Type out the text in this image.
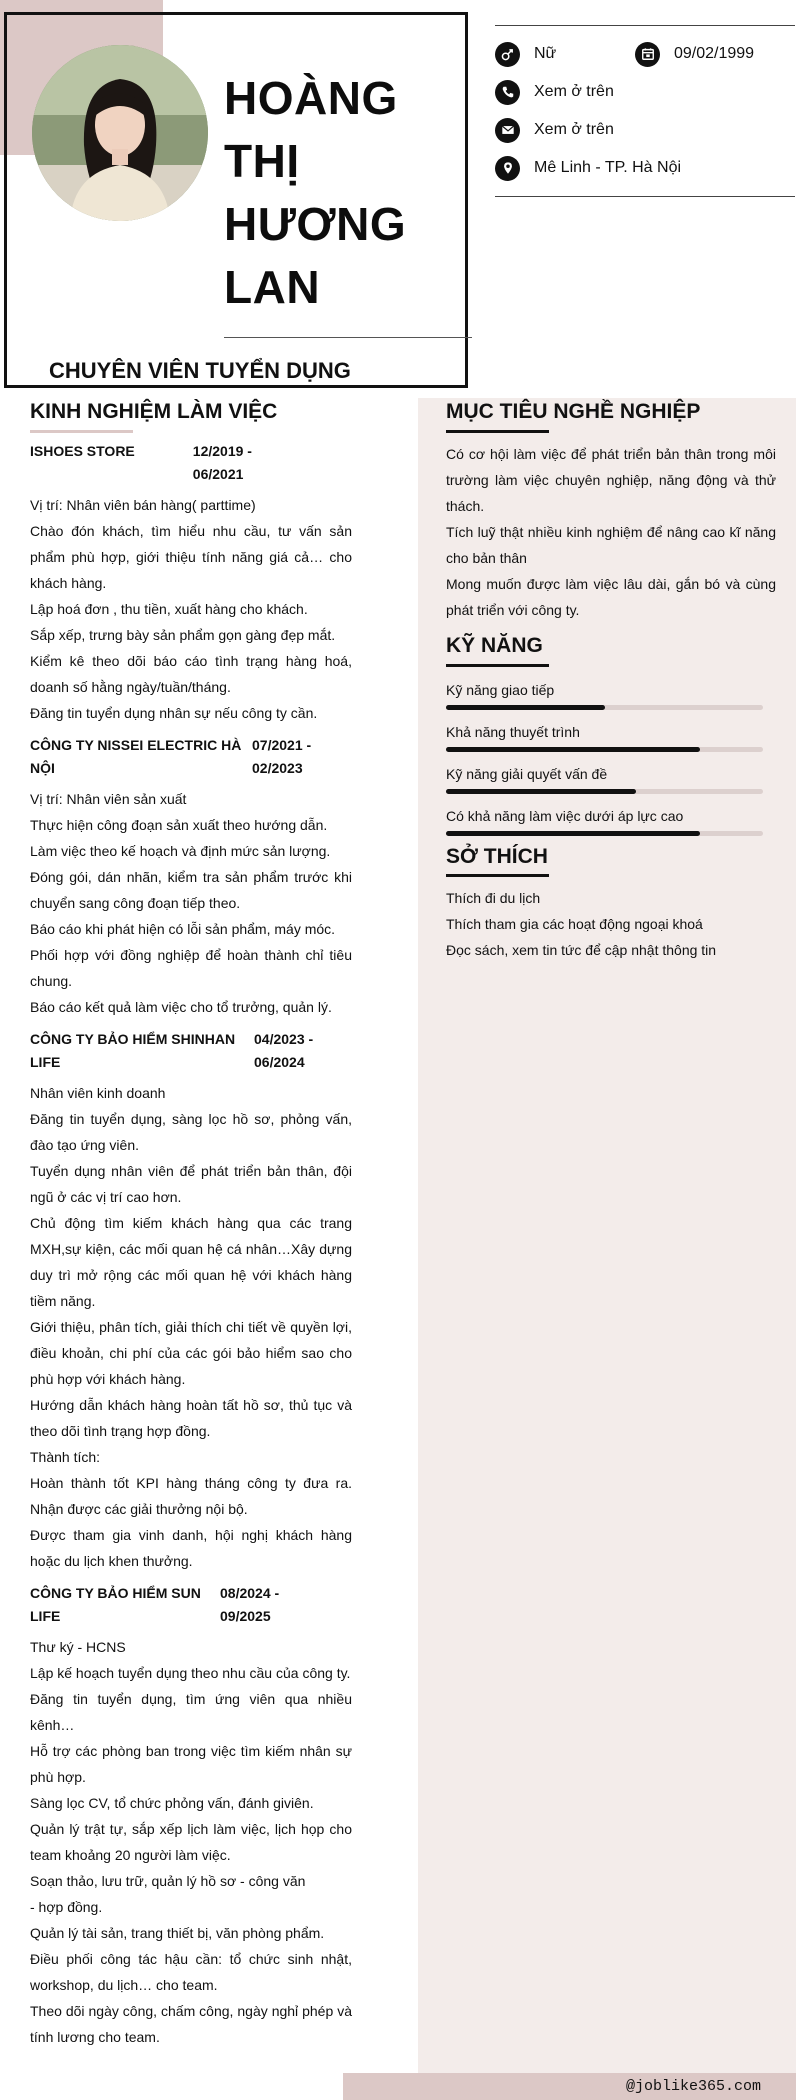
HOÀNG
THỊ
HƯƠNG
LAN
CHUYÊN VIÊN TUYỂN DỤNG
Nữ	09/02/1999
Xem ở trên
Xem ở trên
Mê Linh - TP. Hà Nội
KINH NGHIỆM LÀM VIỆC
ISHOES STORE	12/2019 - 06/2021

Vị trí: Nhân viên bán hàng( parttime)

Chào đón khách, tìm hiểu nhu cầu, tư vấn sản phẩm phù hợp, giới thiệu tính năng giá cả… cho khách hàng.

Lập hoá đơn , thu tiền, xuất hàng cho khách.

Sắp xếp, trưng bày sản phẩm gọn gàng đẹp mắt.

Kiểm kê theo dõi báo cáo tình trạng hàng hoá, doanh số hằng ngày/tuần/tháng.

Đăng tin tuyển dụng nhân sự nếu công ty cần.

CÔNG TY NISSEI ELECTRIC HÀ NỘI
07/2021 - 02/2023

Vị trí: Nhân viên sản xuất

Thực hiện công đoạn sản xuất theo hướng dẫn.

Làm việc theo kế hoạch và định mức sản lượng.

Đóng gói, dán nhãn, kiểm tra sản phẩm trước khi chuyển sang công đoạn tiếp theo.

Báo cáo khi phát hiện có lỗi sản phẩm, máy móc.

Phối hợp với đồng nghiệp để hoàn thành chỉ tiêu chung.

Báo cáo kết quả làm việc cho tổ trưởng, quản lý.

CÔNG TY BẢO HIỂM SHINHAN LIFE
04/2023 - 06/2024

Nhân viên kinh doanh

Đăng tin tuyển dụng, sàng lọc hồ sơ, phỏng vấn, đào tạo ứng viên.

Tuyển dụng nhân viên để phát triển bản thân, đội ngũ ở các vị trí cao hơn.

Chủ động tìm kiếm khách hàng qua các trang MXH,sự kiện, các mối quan hệ cá nhân…Xây dựng duy trì mở rộng các mối quan hệ với khách hàng tiềm năng.

Giới thiệu, phân tích, giải thích chi tiết về quyền lợi, điều khoản, chi phí của các gói bảo hiểm sao cho phù hợp với khách hàng.

Hướng dẫn khách hàng hoàn tất hồ sơ, thủ tục và theo dõi tình trạng hợp đồng.

Thành tích:

Hoàn thành tốt KPI hàng tháng công ty đưa ra. Nhận được các giải thưởng nội bộ.

Được tham gia vinh danh, hội nghị khách hàng hoặc du lịch khen thưởng.

CÔNG TY BẢO HIỂM SUN LIFE
08/2024 - 09/2025

Thư ký - HCNS

Lập kế hoạch tuyển dụng theo nhu cầu của công ty.

Đăng tin tuyển dụng, tìm ứng viên qua nhiều kênh…

Hỗ trợ các phòng ban trong việc tìm kiếm nhân sự phù hợp.

Sàng lọc CV, tổ chức phỏng vấn, đánh giviên.

Quản lý trật tự, sắp xếp lịch làm việc, lịch họp cho team khoảng 20 người làm việc.

Soạn thảo, lưu trữ, quản lý hồ sơ - công văn

- hợp đồng.

Quản lý tài sản, trang thiết bị, văn phòng phẩm.

Điều phối công tác hậu cần: tổ chức sinh nhật, workshop, du lịch… cho team.

Theo dõi ngày công, chấm công, ngày nghỉ phép và tính lương cho team.

MỤC TIÊU NGHỀ NGHIỆP

Có cơ hội làm việc để phát triển bản thân trong môi trường làm việc chuyên nghiệp, năng động và thử thách.

Tích luỹ thật nhiều kinh nghiệm để nâng cao kĩ năng cho bản thân

Mong muốn được làm việc lâu dài, gắn bó và cùng phát triển với công ty.

KỸ NĂNG
Kỹ năng giao tiếp
Khả năng thuyết trình
Kỹ năng giải quyết vấn đề
Có khả năng làm việc dưới áp lực cao
SỞ THÍCH

Thích đi du lịch

Thích tham gia các hoạt động ngoại khoá

Đọc sách, xem tin tức để cập nhật thông tin

@joblike365.com
